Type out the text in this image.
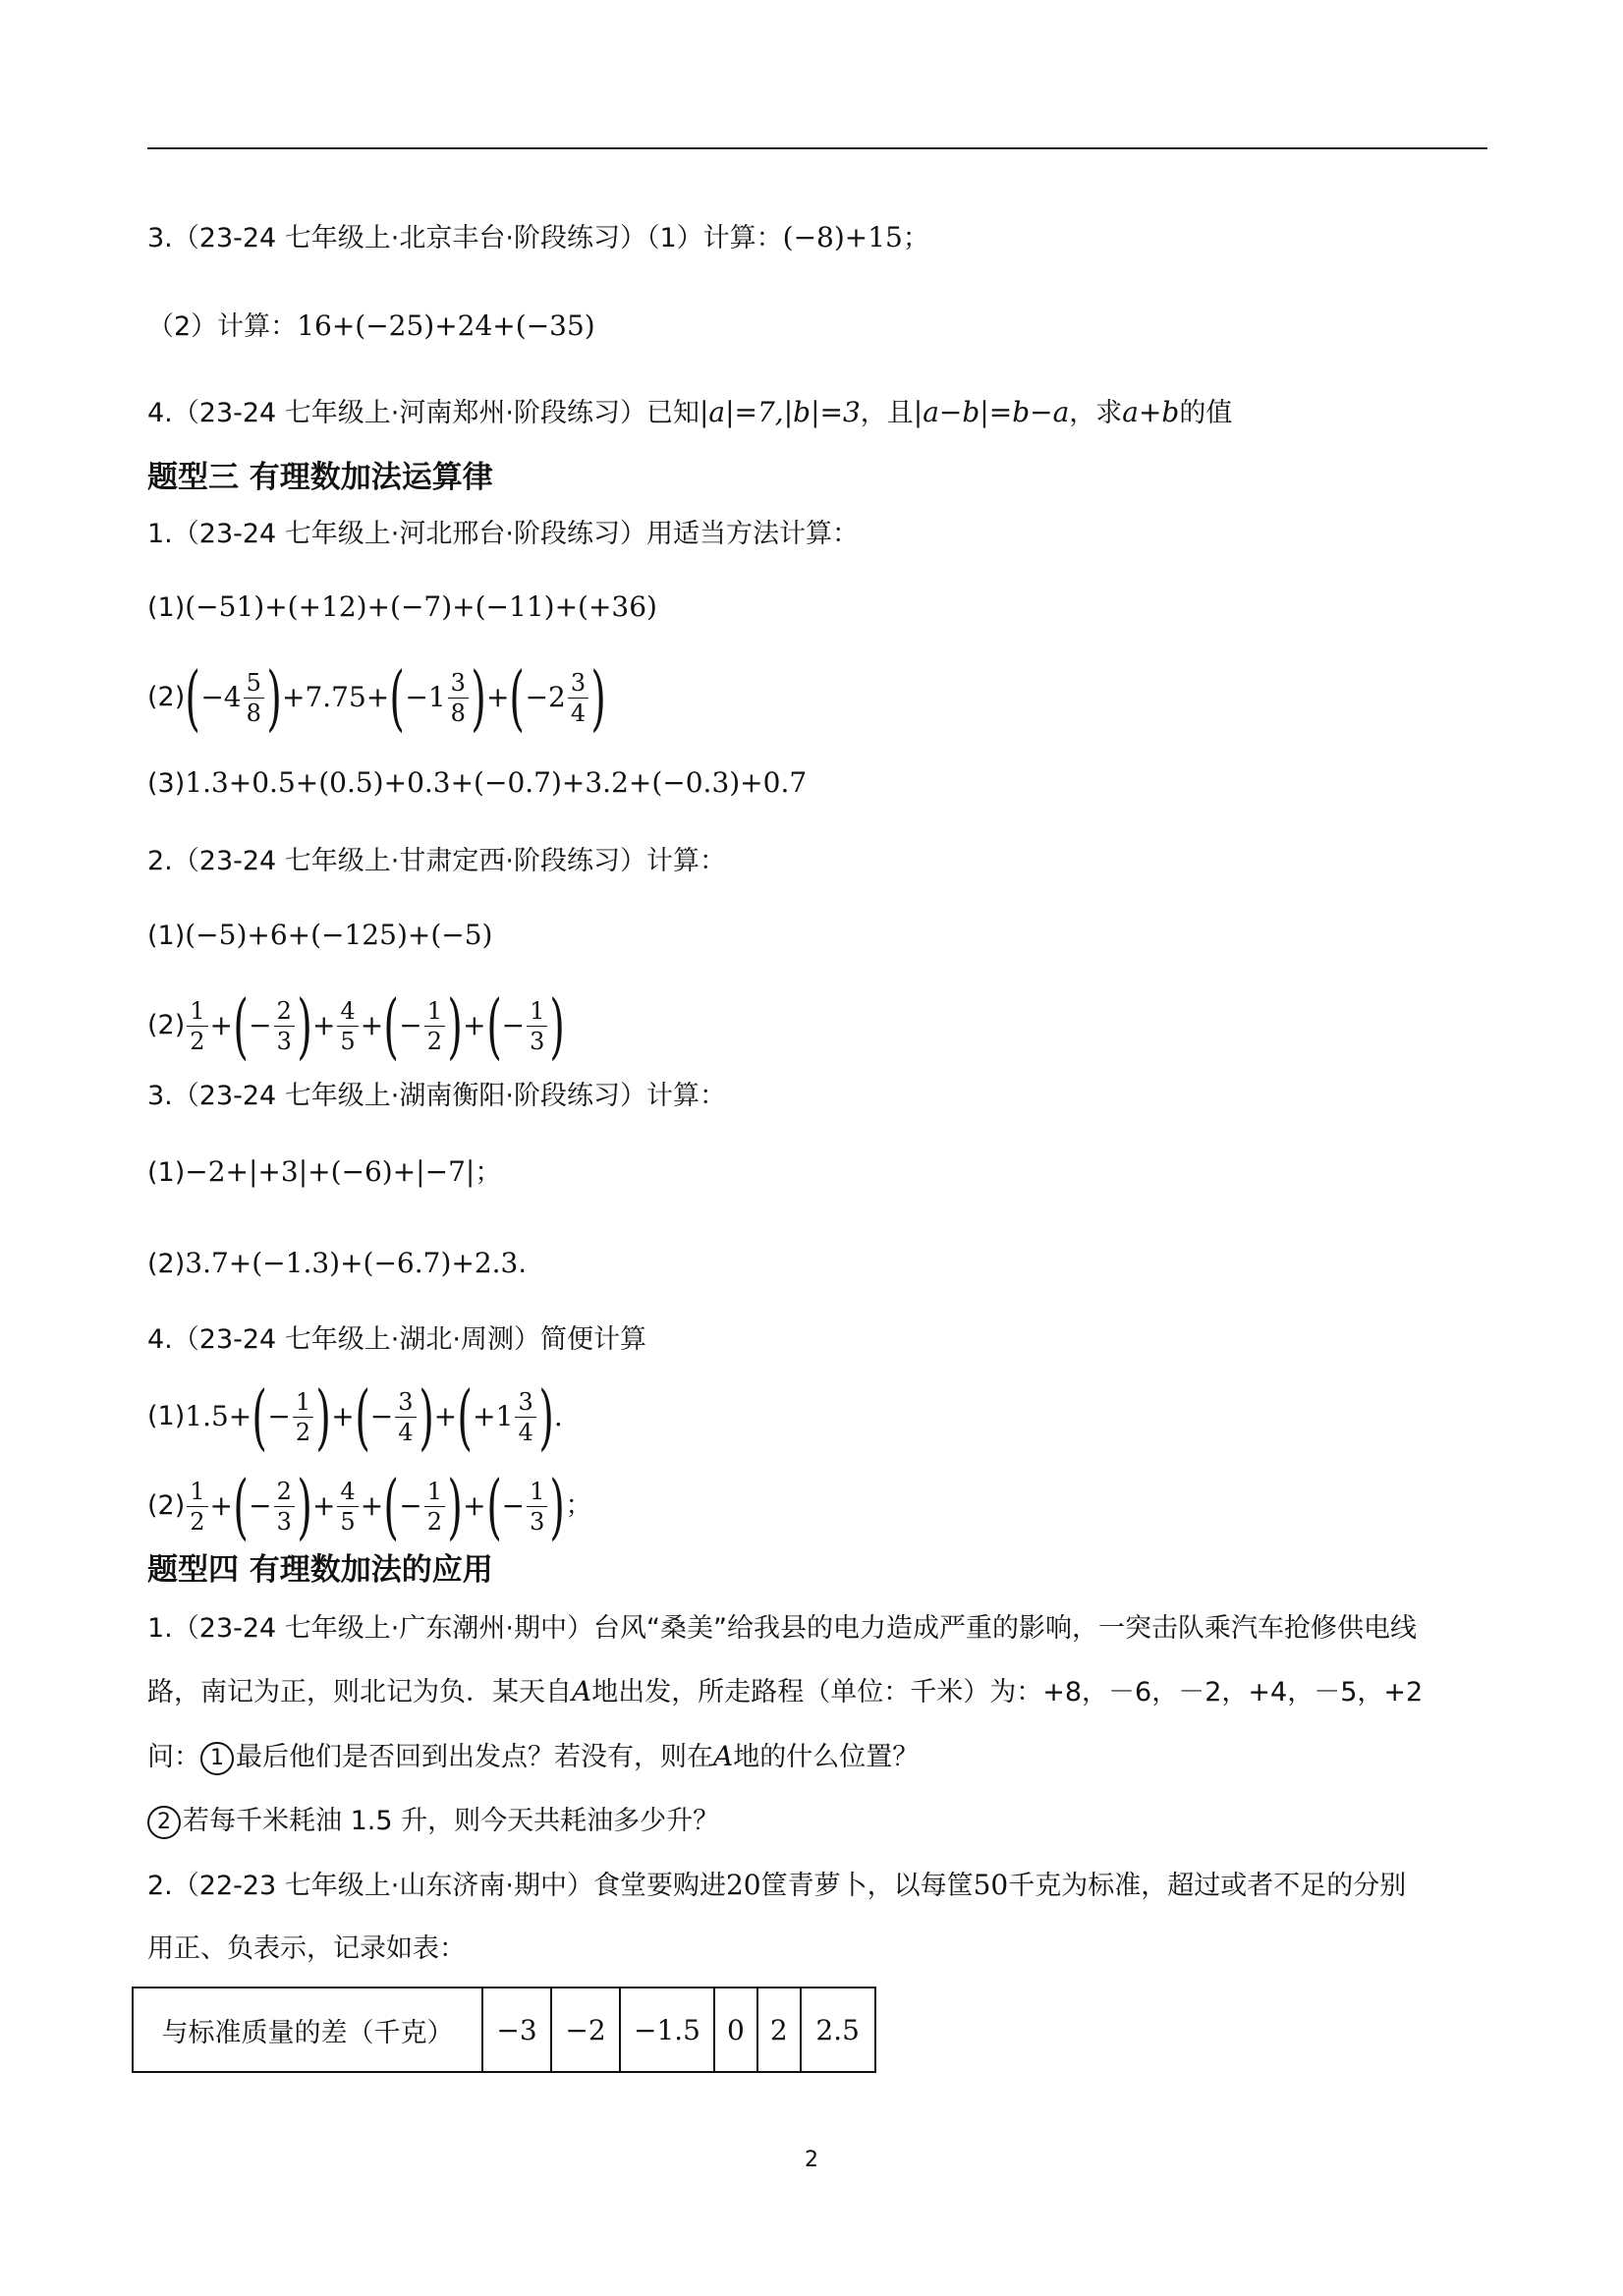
3.（23-24 七年级上·北京丰台·阶段练习）（1）计算：(−8)+15；
（2）计算：16+(−25)+24+(−35)
4.（23-24 七年级上·河南郑州·阶段练习）已知|a|=7,|b|=3，且|a−b|=b−a，求a+b的值
题型三 有理数加法运算律
1.（23-24 七年级上·河北邢台·阶段练习）用适当方法计算：
(1)(−51)+(+12)+(−7)+(−11)+(+36)
(2) ( $-4 \frac{5}{8}$ ) +7.75+ ( $-1 \frac{3}{8}$ ) + ( $-2 \frac{3}{4}$ )
(3)1.3+0.5+(0.5)+0.3+(−0.7)+3.2+(−0.3)+0.7
2.（23-24 七年级上·甘肃定西·阶段练习）计算：
(1)(−5)+6+(−125)+(−5)
$(2) \frac{1}{2}$ + ( − $\frac{2}{3}$ ) + $\frac{4}{5}$ + ( − $\frac{1}{2}$ ) + ( − $\frac{1}{3}$ )
3.（23-24 七年级上·湖南衡阳·阶段练习）计算：
(1)−2+|+3|+(−6)+|−7|；
(2)3.7+(−1.3)+(−6.7)+2.3.
4.（23-24 七年级上·湖北·周测）简便计算
(1) 1.5+ ( − $\frac{1}{2}$ ) + ( − $\frac{3}{4}$ ) + ( $+1 \frac{3}{4}$ ) .
$(2) \frac{1}{2}$ + ( − $\frac{2}{3}$ ) + $\frac{4}{5}$ + ( − $\frac{1}{2}$ ) + ( − $\frac{1}{3}$ ) ；
题型四 有理数加法的应用
1.（23-24 七年级上·广东潮州·期中）台风“桑美”给我县的电力造成严重的影响，一突击队乘汽车抢修供电线
路，南记为正，则北记为负．某天自A地出发，所走路程（单位：千米）为：+8，－6，－2，+4，－5，+2
问： 1 最后他们是否回到出发点？若没有，则在A地的什么位置？
2 若每千米耗油 1.5 升，则今天共耗油多少升？
2.（22-23 七年级上·山东济南·期中）食堂要购进20筐青萝卜，以每筐50千克为标准，超过或者不足的分别
用正、负表示，记录如表：
与标准质量的差（千克）	−3	−2	−1.5	0	2	2.5
2
